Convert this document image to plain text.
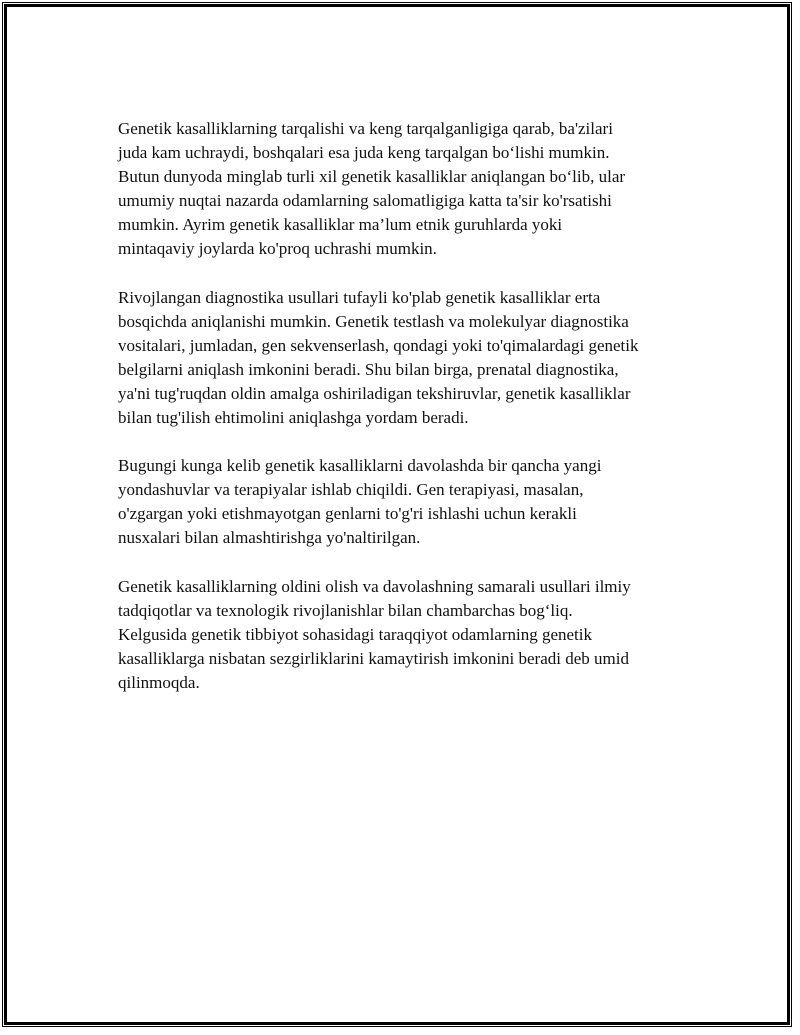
Genetik kasalliklarning tarqalishi va keng tarqalganligiga qarab, ba'zilari
juda kam uchraydi, boshqalari esa juda keng tarqalgan bo‘lishi mumkin.
Butun dunyoda minglab turli xil genetik kasalliklar aniqlangan bo‘lib, ular
umumiy nuqtai nazarda odamlarning salomatligiga katta ta'sir ko'rsatishi
mumkin. Ayrim genetik kasalliklar ma’lum etnik guruhlarda yoki
mintaqaviy joylarda ko'proq uchrashi mumkin.

Rivojlangan diagnostika usullari tufayli ko'plab genetik kasalliklar erta
bosqichda aniqlanishi mumkin. Genetik testlash va molekulyar diagnostika
vositalari, jumladan, gen sekvenserlash, qondagi yoki to'qimalardagi genetik
belgilarni aniqlash imkonini beradi. Shu bilan birga, prenatal diagnostika,
ya'ni tug'ruqdan oldin amalga oshiriladigan tekshiruvlar, genetik kasalliklar
bilan tug'ilish ehtimolini aniqlashga yordam beradi.

Bugungi kunga kelib genetik kasalliklarni davolashda bir qancha yangi
yondashuvlar va terapiyalar ishlab chiqildi. Gen terapiyasi, masalan,
o'zgargan yoki etishmayotgan genlarni to'g'ri ishlashi uchun kerakli
nusxalari bilan almashtirishga yo'naltirilgan.

Genetik kasalliklarning oldini olish va davolashning samarali usullari ilmiy
tadqiqotlar va texnologik rivojlanishlar bilan chambarchas bog‘liq.
Kelgusida genetik tibbiyot sohasidagi taraqqiyot odamlarning genetik
kasalliklarga nisbatan sezgirliklarini kamaytirish imkonini beradi deb umid
qilinmoqda.
